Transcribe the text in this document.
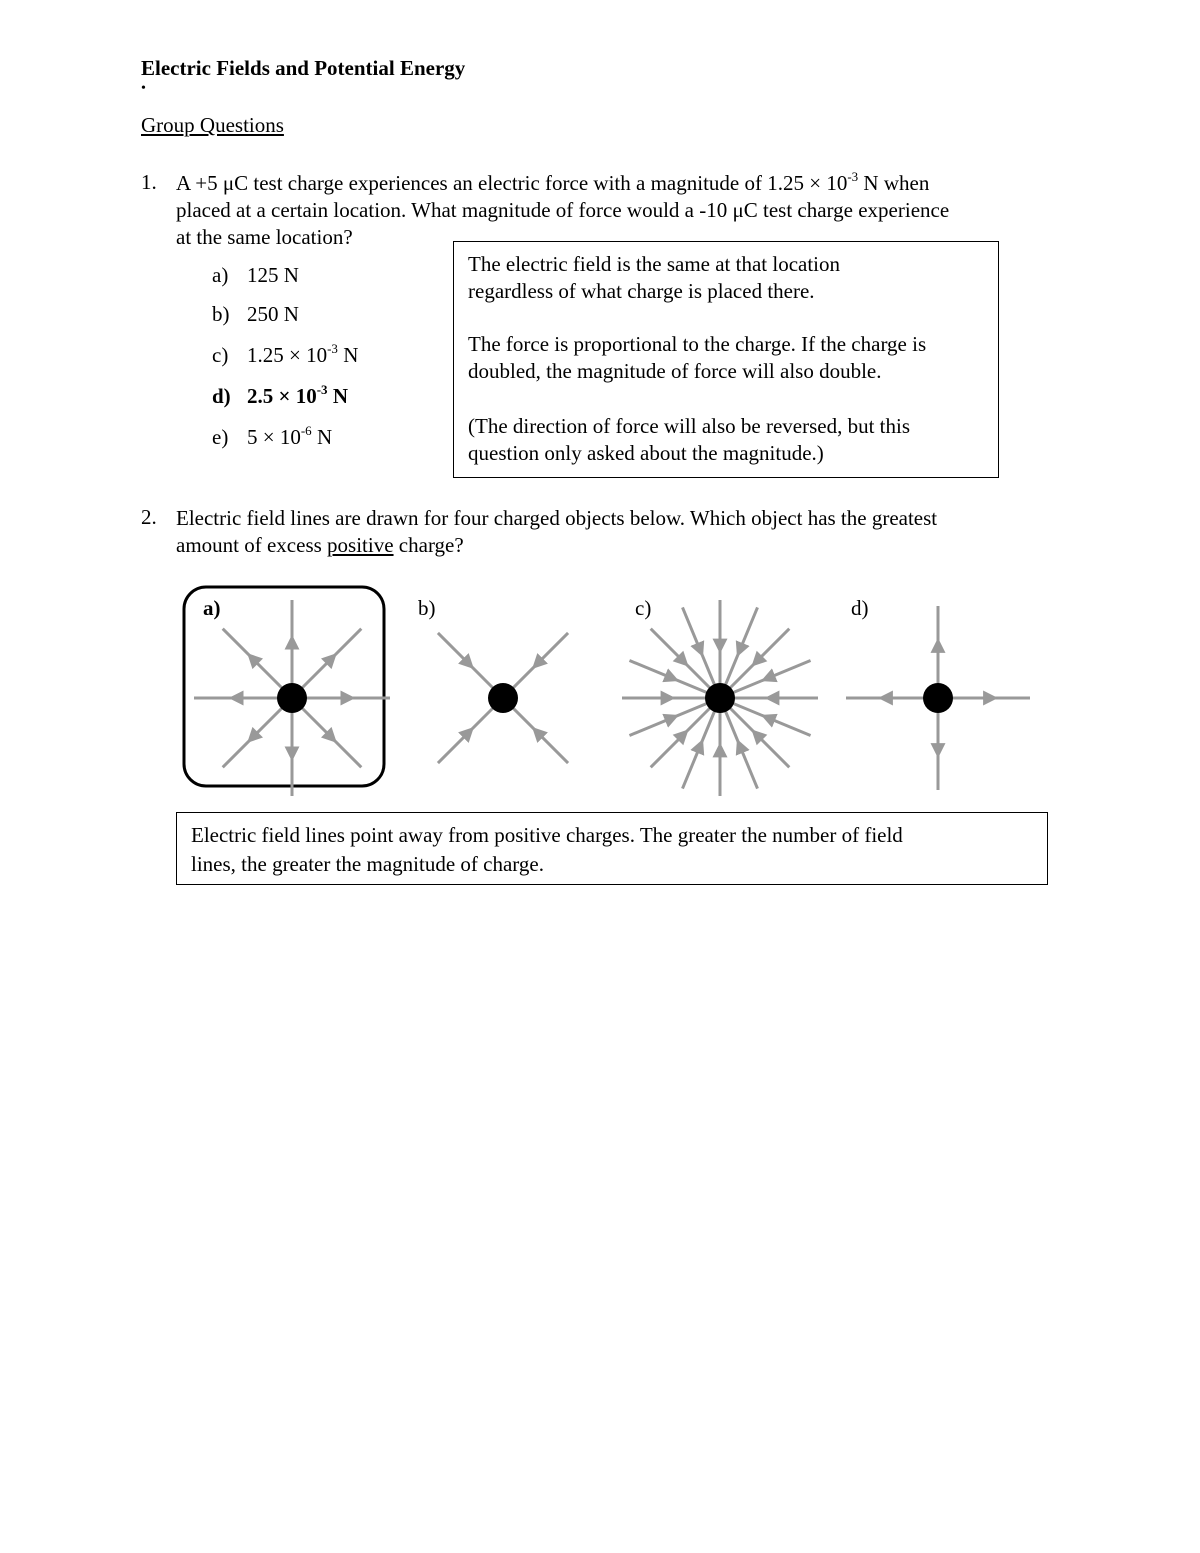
Electric Fields and Potential Energy
•
Group Questions
1. A +5 μC test charge experiences an electric force with a magnitude of $1.25 \times 10^{-3}$ N when
placed at a certain location. What magnitude of force would a -10 μC test charge experience
at the same location?
a) 125 N
b) 250 N
c) $1.25 \times 10^{-3}$ N
d) $2.5 \times 10^{-3}$ N
e) $5 \times 10^{-6}$ N

The electric field is the same at that location
regardless of what charge is placed there.

The force is proportional to the charge. If the charge is
doubled, the magnitude of force will also double.

(The direction of force will also be reversed, but this
question only asked about the magnitude.)

2. Electric field lines are drawn for four charged objects below. Which object has the greatest
amount of excess positive charge?
a)	b)	c)	d)

Electric field lines point away from positive charges. The greater the number of field
lines, the greater the magnitude of charge.
